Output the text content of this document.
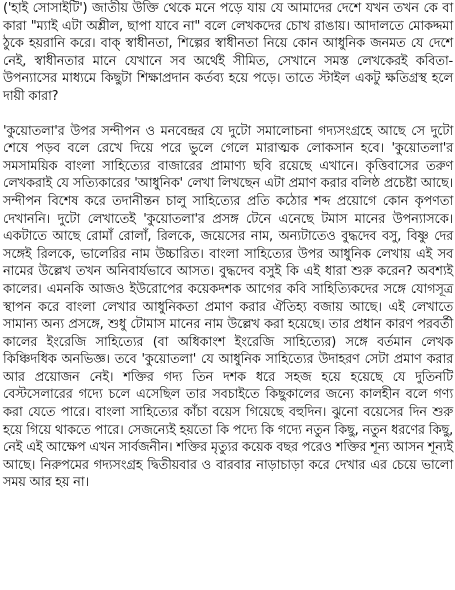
('হাই সোসাইটি') জাতীয় উক্তি থেকে মনে পড়ে যায় যে আমাদের দেশে যখন তখন কে বা কারা "ম্যাই এটা অশ্লীল, ছাপা যাবে না" বলে লেখকদের চোখ রাঙায়। আদালতে মোকদ্দমা ঠুকে হয়রানি করে। বাক্ স্বাধীনতা, শিল্পের স্বাধীনতা নিয়ে কোন আধুনিক জনমত যে দেশে নেই, স্বাধীনতার মানে যেখানে সব অর্থেই সীমিত, সেখানে সমস্ত লেখকেরই কবিতা-উপন্যাসের মাধ্যমে কিছুটা শিক্ষাপ্রদান কর্তব্য হয়ে পড়ে। তাতে স্টাইল একটু ক্ষতিগ্রস্থ হলে দায়ী কারা?

'কুয়োতলা'র উপর সন্দীপন ও মনবেন্দ্রর যে দুটো সমালোচনা গদ্যসংগ্রহে আছে সে দুটো শেষে পড়ব বলে রেখে দিয়ে পরে ভুলে গেলে মারাত্মক লোকসান হবে। 'কুয়োতলা'র সমসাময়িক বাংলা সাহিত্যের বাজারের প্রামাণ্য ছবি রয়েছে এখানে। কৃত্তিবাসের তরুণ লেখকরাই যে সত্যিকারের 'আধুনিক' লেখা লিখছেন এটা প্রমাণ করার বলিষ্ঠ প্রচেষ্টা আছে। সন্দীপন বিশেষ করে তদানীন্তন চালু সাহিত্যের প্রতি কঠোর শব্দ প্রয়োগে কোন কৃপণতা দেখাননি। দুটো লেখাতেই 'কুয়োতলা'র প্রসঙ্গ টেনে এনেছে টমাস মানের উপন্যাসকে। একটাতে আছে রোমাঁ রোলাঁ, রিলকে, জয়েসের নাম, অন্যটাতেও বুদ্ধদেব বসু, বিষ্ণু দের সঙ্গেই রিলকে, ভালেরির নাম উচ্চারিত। বাংলা সাহিত্যের উপর আধুনিক লেখায় এই সব নামের উল্লেখ তখন অনিবার্যভাবে আসত। বুদ্ধদেব বসুই কি এই ধারা শুরু করেন? অবশ্যই কালের। এমনকি আজও ইউরোপের কয়েকদশক আগের কবি সাহিত্যিকদের সঙ্গে যোগসূত্র স্থাপন করে বাংলা লেখার আধুনিকতা প্রমাণ করার ঐতিহ্য বজায় আছে। এই লেখাতে সামান্য অন্য প্রসঙ্গে, শুধু টোমাস মানের নাম উল্লেখ করা হয়েছে। তার প্রধান কারণ পরবর্তী কালের ইংরেজি সাহিত্যের (বা অধিকাংশ ইংরেজি সাহিত্যের) সঙ্গে বর্তমান লেখক কিঞ্চিদধিক অনভিজ্ঞ। তবে 'কুয়োতলা' যে আধুনিক সাহিত্যের উদাহরণ সেটা প্রমাণ করার আর প্রয়োজন নেই। শক্তির গদ্য তিন দশক ধরে সহজ হয়ে হয়েছে যে দুতিনটি বেস্টসেলারের গদ্যে চলে এসেছিল তার সবচাইতে কিছুকালের জন্যে কালহীন বলে গণ্য করা যেতে পারে। বাংলা সাহিত্যের কাঁচা বয়েস গিয়েছে বহুদিন। ঝুনো বয়েসের দিন শুরু হয়ে গিয়ে থাকতে পারে। সেজন্যেই হয়তো কি পদ্যে কি গদ্যে নতুন কিছু, নতুন ধরণের কিছু, নেই এই আক্ষেপ এখন সার্বজনীন। শক্তির মৃত্যুর কয়েক বছর পরেও শক্তির শূন্য আসন শূন্যই আছে। নিরুপমের গদ্যসংগ্রহ দ্বিতীয়বার ও বারবার নাড়াচাড়া করে দেখার এর চেয়ে ভালো সময় আর হয় না।
